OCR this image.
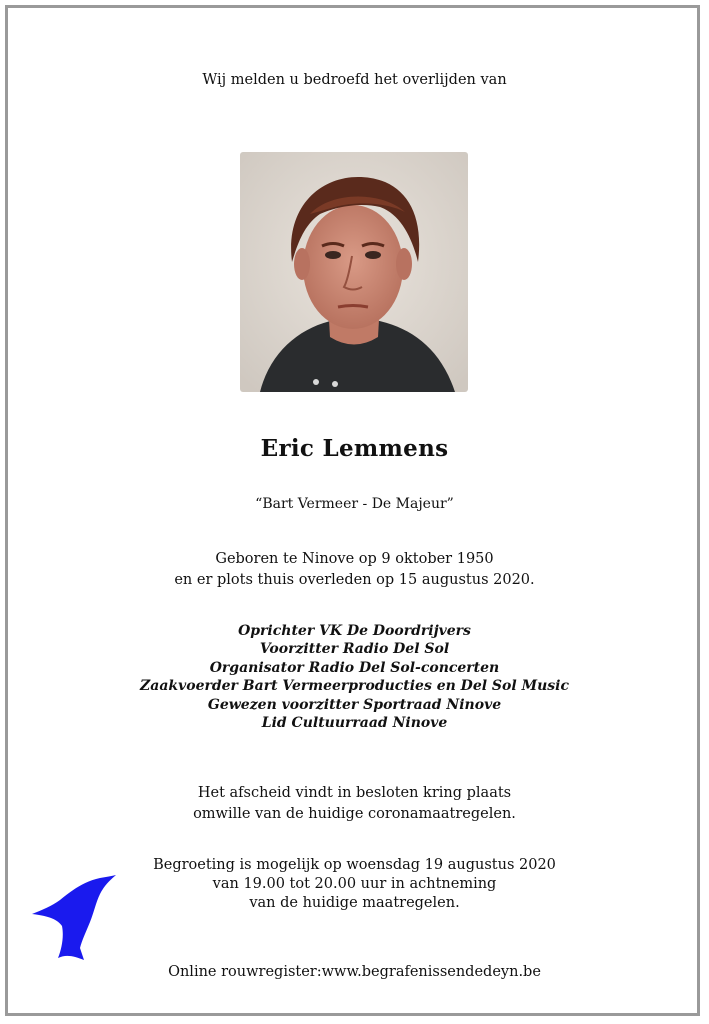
Wij melden u bedroefd het overlijden van
Eric Lemmens
“Bart Vermeer - De Majeur”
Geboren te Ninove op 9 oktober 1950
en er plots thuis overleden op 15 augustus 2020.
Oprichter VK De Doordrijvers
Voorzitter Radio Del Sol
Organisator Radio Del Sol-concerten
Zaakvoerder Bart Vermeerproducties en Del Sol Music
Gewezen voorzitter Sportraad Ninove
Lid Cultuurraad Ninove
Het afscheid vindt in besloten kring plaats
omwille van de huidige coronamaatregelen.
Begroeting is mogelijk op woensdag 19 augustus 2020
van 19.00 tot 20.00 uur in achtneming
van de huidige maatregelen.
Online rouwregister:www.begrafenissendedeyn.be
